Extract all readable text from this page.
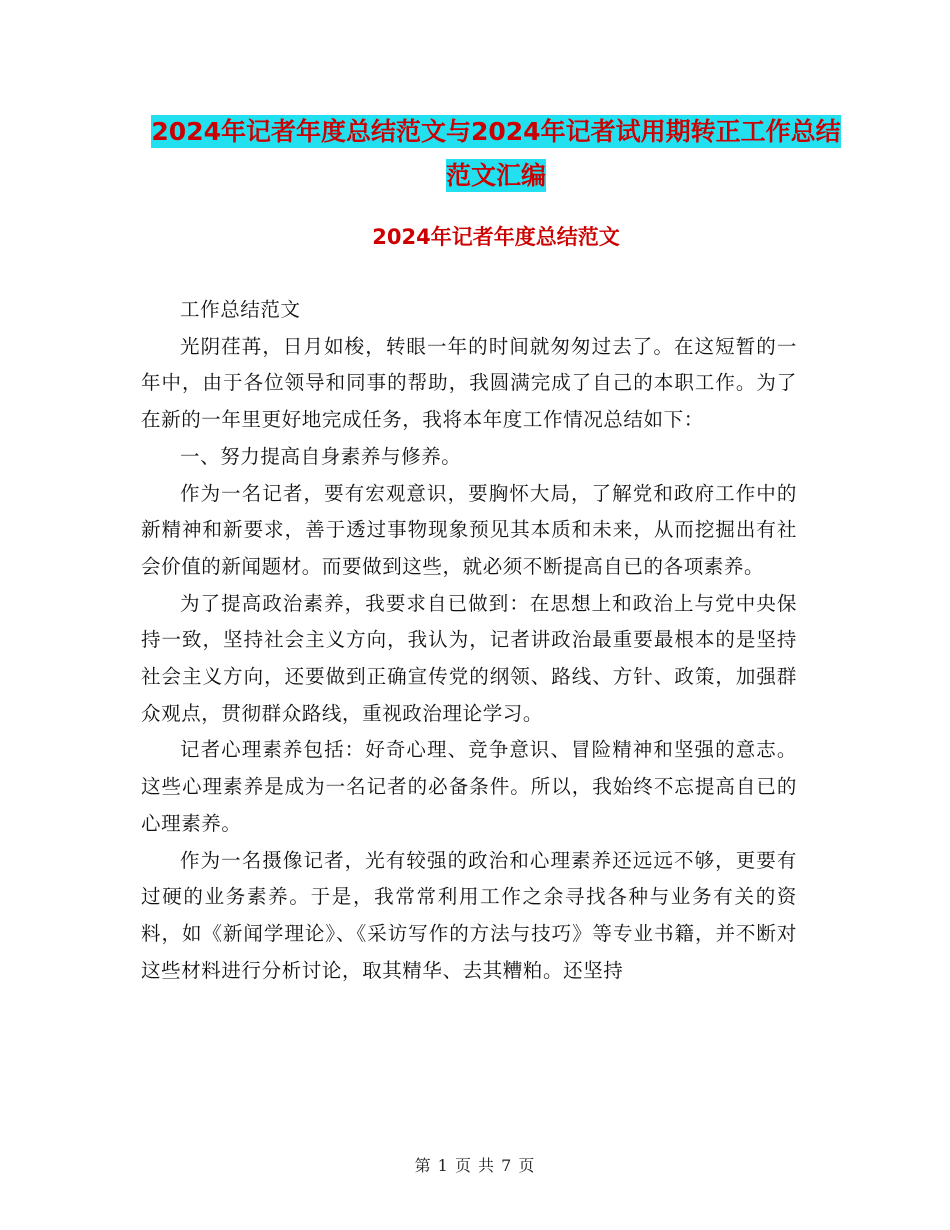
2024年记者年度总结范文与2024年记者试用期转正工作总结范文汇编
2024年记者年度总结范文

工作总结范文

光阴荏苒，日月如梭，转眼一年的时间就匆匆过去了。在这短暂的一年中，由于各位领导和同事的帮助，我圆满完成了自己的本职工作。为了在新的一年里更好地完成任务，我将本年度工作情况总结如下：

一、努力提高自身素养与修养。

作为一名记者，要有宏观意识，要胸怀大局，了解党和政府工作中的新精神和新要求，善于透过事物现象预见其本质和未来，从而挖掘出有社会价值的新闻题材。而要做到这些，就必须不断提高自已的各项素养。

为了提高政治素养，我要求自已做到：在思想上和政治上与党中央保持一致，坚持社会主义方向，我认为，记者讲政治最重要最根本的是坚持社会主义方向，还要做到正确宣传党的纲领、路线、方针、政策，加强群众观点，贯彻群众路线，重视政治理论学习。

记者心理素养包括：好奇心理、竞争意识、冒险精神和坚强的意志。这些心理素养是成为一名记者的必备条件。所以，我始终不忘提高自已的心理素养。

作为一名摄像记者，光有较强的政治和心理素养还远远不够，更要有过硬的业务素养。于是，我常常利用工作之余寻找各种与业务有关的资料，如《新闻学理论》、《采访写作的方法与技巧》等专业书籍，并不断对这些材料进行分析讨论，取其精华、去其糟粕。还坚持

第 1 页 共 7 页
